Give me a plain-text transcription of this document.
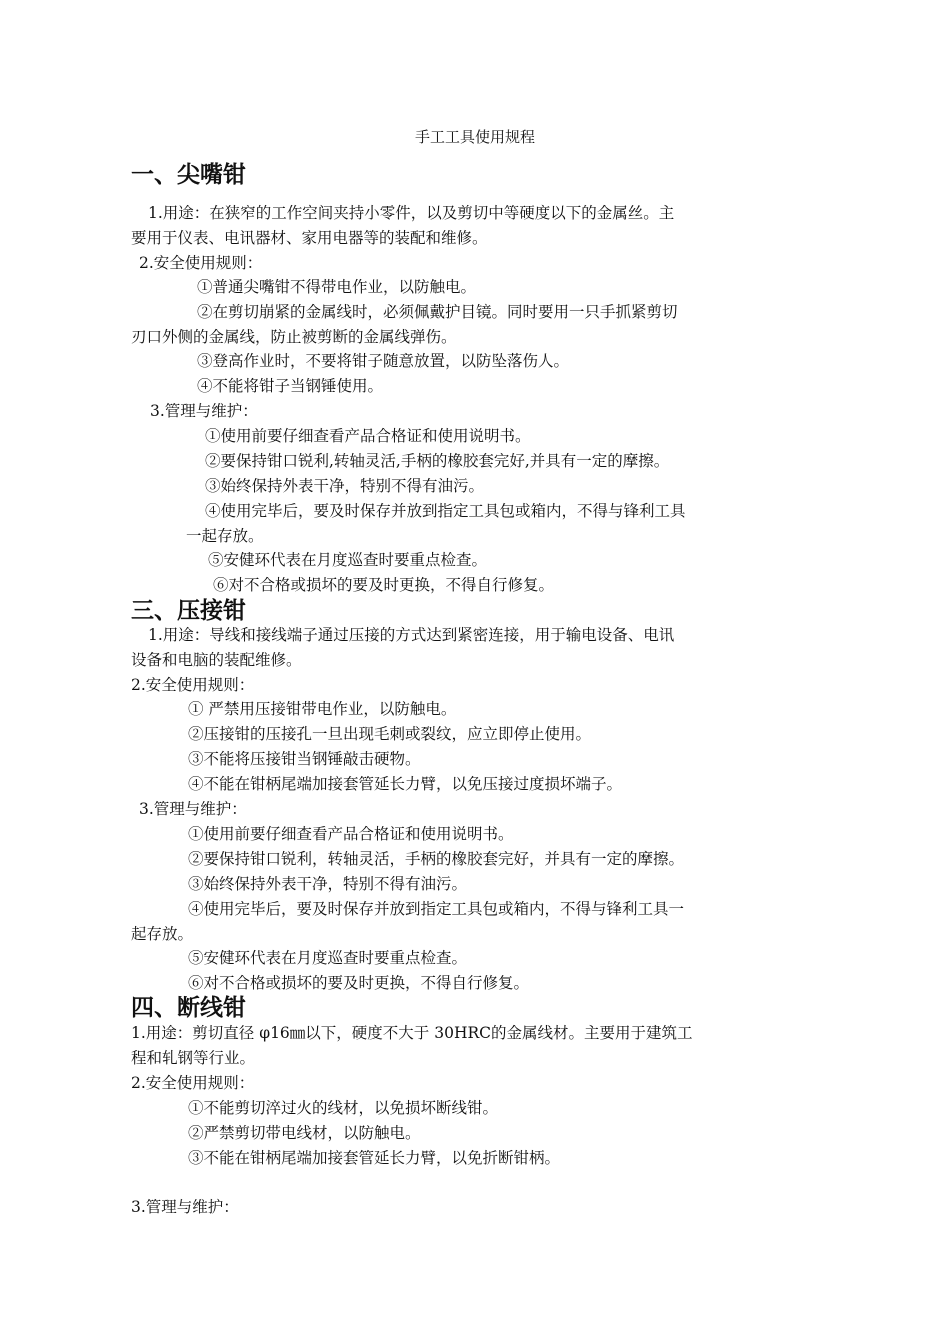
手工工具使用规程
一、尖嘴钳
1.用途：在狭窄的工作空间夹持小零件，以及剪切中等硬度以下的金属丝。主
要用于仪表、电讯器材、家用电器等的装配和维修。
2.安全使用规则：
①普通尖嘴钳不得带电作业，以防触电。
②在剪切崩紧的金属线时，必须佩戴护目镜。同时要用一只手抓紧剪切
刃口外侧的金属线，防止被剪断的金属线弹伤。
③登高作业时，不要将钳子随意放置，以防坠落伤人。
④不能将钳子当钢锤使用。
3.管理与维护：
①使用前要仔细查看产品合格证和使用说明书。
②要保持钳口锐利,转轴灵活,手柄的橡胶套完好,并具有一定的摩擦。
③始终保持外表干净，特别不得有油污。
④使用完毕后，要及时保存并放到指定工具包或箱内，不得与锋利工具
一起存放。
⑤安健环代表在月度巡查时要重点检查。
⑥对不合格或损坏的要及时更换，不得自行修复。
三、压接钳
1.用途：导线和接线端子通过压接的方式达到紧密连接，用于输电设备、电讯
设备和电脑的装配维修。
2.安全使用规则：
① 严禁用压接钳带电作业，以防触电。
②压接钳的压接孔一旦出现毛刺或裂纹，应立即停止使用。
③不能将压接钳当钢锤敲击硬物。
④不能在钳柄尾端加接套管延长力臂，以免压接过度损坏端子。
3.管理与维护：
①使用前要仔细查看产品合格证和使用说明书。
②要保持钳口锐利，转轴灵活，手柄的橡胶套完好，并具有一定的摩擦。
③始终保持外表干净，特别不得有油污。
④使用完毕后，要及时保存并放到指定工具包或箱内，不得与锋利工具一
起存放。
⑤安健环代表在月度巡查时要重点检查。
⑥对不合格或损坏的要及时更换，不得自行修复。
四、断线钳
1.用途：剪切直径 φ16㎜以下，硬度不大于 30HRC的金属线材。主要用于建筑工
程和轧钢等行业。
2.安全使用规则：
①不能剪切淬过火的线材，以免损坏断线钳。
②严禁剪切带电线材，以防触电。
③不能在钳柄尾端加接套管延长力臂，以免折断钳柄。
3.管理与维护：
